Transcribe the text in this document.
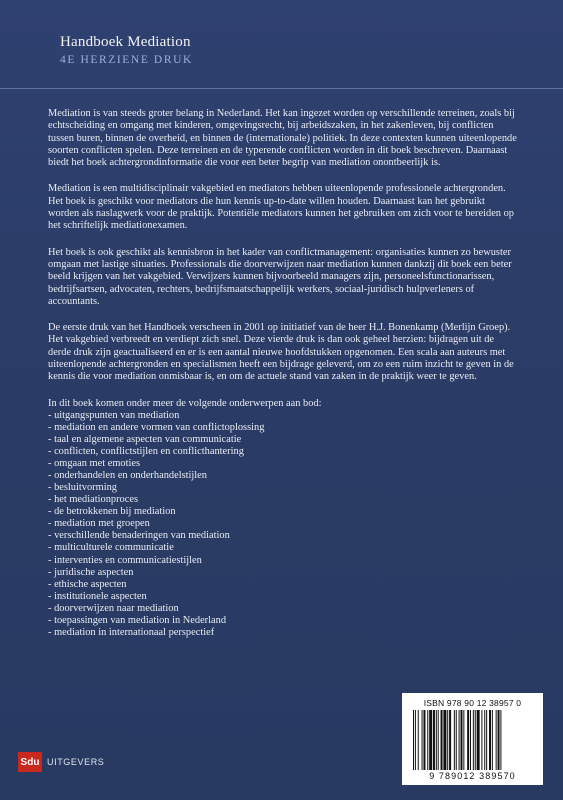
Handboek Mediation
4E HERZIENE DRUK

Mediation is van steeds groter belang in Nederland. Het kan ingezet worden op verschillende terreinen, zoals bij echtscheiding en omgang met kinderen, omgevingsrecht, bij arbeidszaken, in het zakenleven, bij conflicten tussen buren, binnen de overheid, en binnen de (internationale) politiek. In deze contexten kunnen uiteenlopende soorten conflicten spelen. Deze terreinen en de typerende conflicten worden in dit boek beschreven. Daarnaast biedt het boek achtergrondinformatie die voor een beter begrip van mediation onontbeerlijk is.

Mediation is een multidisciplinair vakgebied en mediators hebben uiteenlopende professionele achtergronden. Het boek is geschikt voor mediators die hun kennis up-to-date willen houden. Daarnaast kan het gebruikt worden als naslagwerk voor de praktijk. Potentiële mediators kunnen het gebruiken om zich voor te bereiden op het schriftelijk mediationexamen.

Het boek is ook geschikt als kennisbron in het kader van conflictmanagement: organisaties kunnen zo bewuster omgaan met lastige situaties. Professionals die doorverwijzen naar mediation kunnen dankzij dit boek een beter beeld krijgen van het vakgebied. Verwijzers kunnen bijvoorbeeld managers zijn, personeelsfunctionarissen, bedrijfsartsen, advocaten, rechters, bedrijfsmaatschappelijk werkers, sociaal-juridisch hulpverleners of accountants.

De eerste druk van het Handboek verscheen in 2001 op initiatief van de heer H.J. Bonenkamp (Merlijn Groep). Het vakgebied verbreedt en verdiept zich snel. Deze vierde druk is dan ook geheel herzien: bijdragen uit de derde druk zijn geactualiseerd en er is een aantal nieuwe hoofdstukken opgenomen. Een scala aan auteurs met uiteenlopende achtergronden en specialismen heeft een bijdrage geleverd, om zo een ruim inzicht te geven in de kennis die voor mediation onmisbaar is, en om de actuele stand van zaken in de praktijk weer te geven.

In dit boek komen onder meer de volgende onderwerpen aan bod:
- uitgangspunten van mediation
- mediation en andere vormen van conflictoplossing
- taal en algemene aspecten van communicatie
- conflicten, conflictstijlen en conflicthantering
- omgaan met emoties
- onderhandelen en onderhandelstijlen
- besluitvorming
- het mediationproces
- de betrokkenen bij mediation
- mediation met groepen
- verschillende benaderingen van mediation
- multiculturele communicatie
- interventies en communicatiestijlen
- juridische aspecten
- ethische aspecten
- institutionele aspecten
- doorverwijzen naar mediation
- toepassingen van mediation in Nederland
- mediation in internationaal perspectief
ISBN 978 90 12 38957 0
9 789012 389570
Sdu UITGEVERS
